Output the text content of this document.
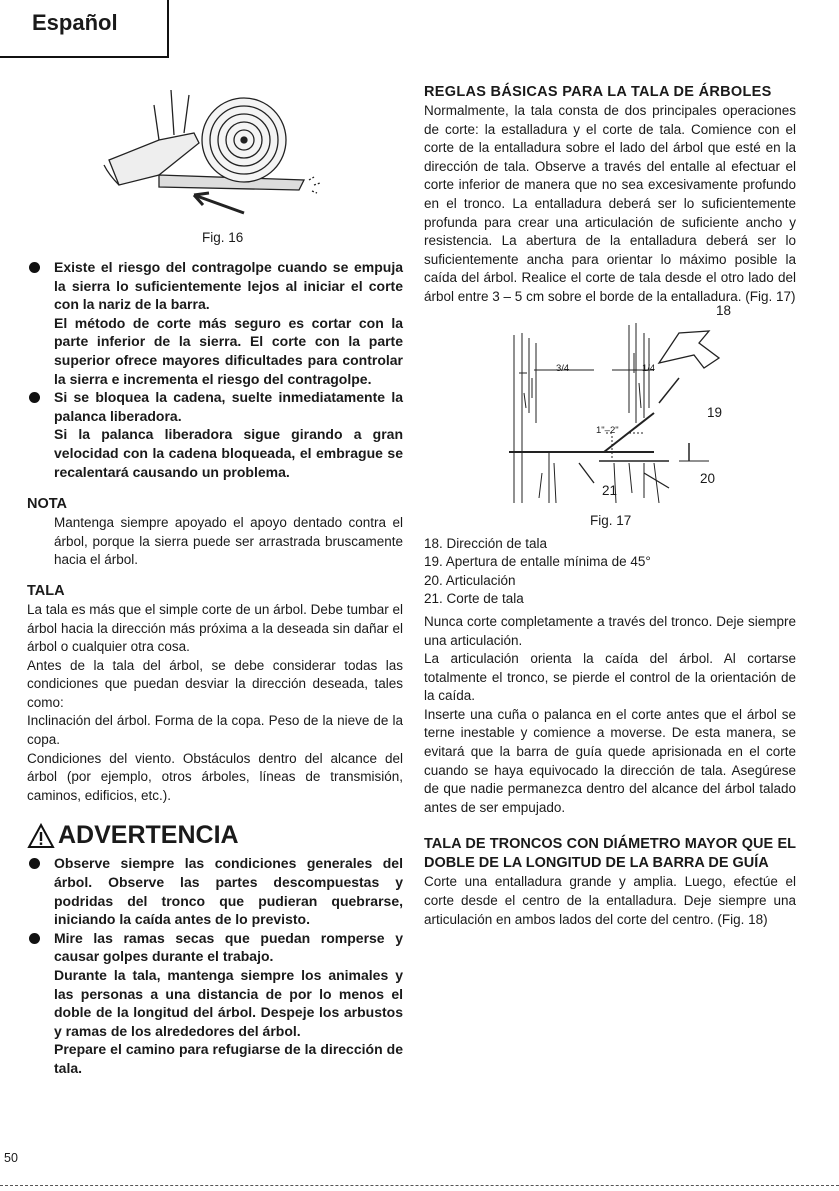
Español
Fig. 16

Existe el riesgo del contragolpe cuando se empuja la sierra lo suficientemente lejos al iniciar el corte con la nariz de la barra.

El método de corte más seguro es cortar con la parte inferior de la sierra. El corte con la parte superior ofrece mayores dificultades para controlar la sierra e incrementa el riesgo del contragolpe.

Si se bloquea la cadena, suelte inmediatamente la palanca liberadora.

Si la palanca liberadora sigue girando a gran velocidad con la cadena bloqueada, el embrague se recalentará causando un problema.

NOTA

Mantenga siempre apoyado el apoyo dentado contra el árbol, porque la sierra puede ser arrastrada bruscamente hacia el árbol.

TALA

La tala es más que el simple corte de un árbol. Debe tumbar el árbol hacia la dirección más próxima a la deseada sin dañar el árbol o cualquier otra cosa.

Antes de la tala del árbol, se debe considerar todas las condiciones que puedan desviar la dirección deseada, tales como:

Inclinación del árbol. Forma de la copa. Peso de la nieve de la copa.

Condiciones del viento. Obstáculos dentro del alcance del árbol (por ejemplo, otros árboles, líneas de transmisión, caminos, edificios, etc.).

ADVERTENCIA

Observe siempre las condiciones generales del árbol. Observe las partes descompuestas y podridas del tronco que pudieran quebrarse, iniciando la caída antes de lo previsto.

Mire las ramas secas que puedan romperse y causar golpes durante el trabajo.

Durante la tala, mantenga siempre los animales y las personas a una distancia de por lo menos el doble de la longitud del árbol. Despeje los arbustos y ramas de los alrededores del árbol.

Prepare el camino para refugiarse de la dirección de tala.

50
REGLAS BÁSICAS PARA LA TALA DE ÁRBOLES

Normalmente, la tala consta de dos principales operaciones de corte: la estalladura y el corte de tala. Comience con el corte de la entalladura sobre el lado del árbol que esté en la dirección de tala. Observe a través del entalle al efectuar el corte inferior de manera que no sea excesivamente profundo en el tronco. La entalladura deberá ser lo suficientemente profunda para crear una articulación de suficiente ancho y resistencia. La abertura de la entalladura deberá ser lo suficientemente ancha para orientar lo máximo posible la caída del árbol. Realice el corte de tala desde el otro lado del árbol entre 3 – 5 cm sobre el borde de la entalladura. (Fig. 17)

18
19
20
21
3/4	1/4
1"–2"
Fig. 17
18. Dirección de tala
19. Apertura de entalle mínima de 45°
20. Articulación
21. Corte de tala

Nunca corte completamente a través del tronco. Deje siempre una articulación.

La articulación orienta la caída del árbol. Al cortarse totalmente el tronco, se pierde el control de la orientación de la caída.

Inserte una cuña o palanca en el corte antes que el árbol se terne inestable y comience a moverse. De esta manera, se evitará que la barra de guía quede aprisionada en el corte cuando se haya equivocado la dirección de tala. Asegúrese de que nadie permanezca dentro del alcance del árbol talado antes de ser empujado.

TALA DE TRONCOS CON DIÁMETRO MAYOR QUE EL DOBLE DE LA LONGITUD DE LA BARRA DE GUÍA

Corte una entalladura grande y amplia. Luego, efectúe el corte desde el centro de la entalladura. Deje siempre una articulación en ambos lados del corte del centro. (Fig. 18)
